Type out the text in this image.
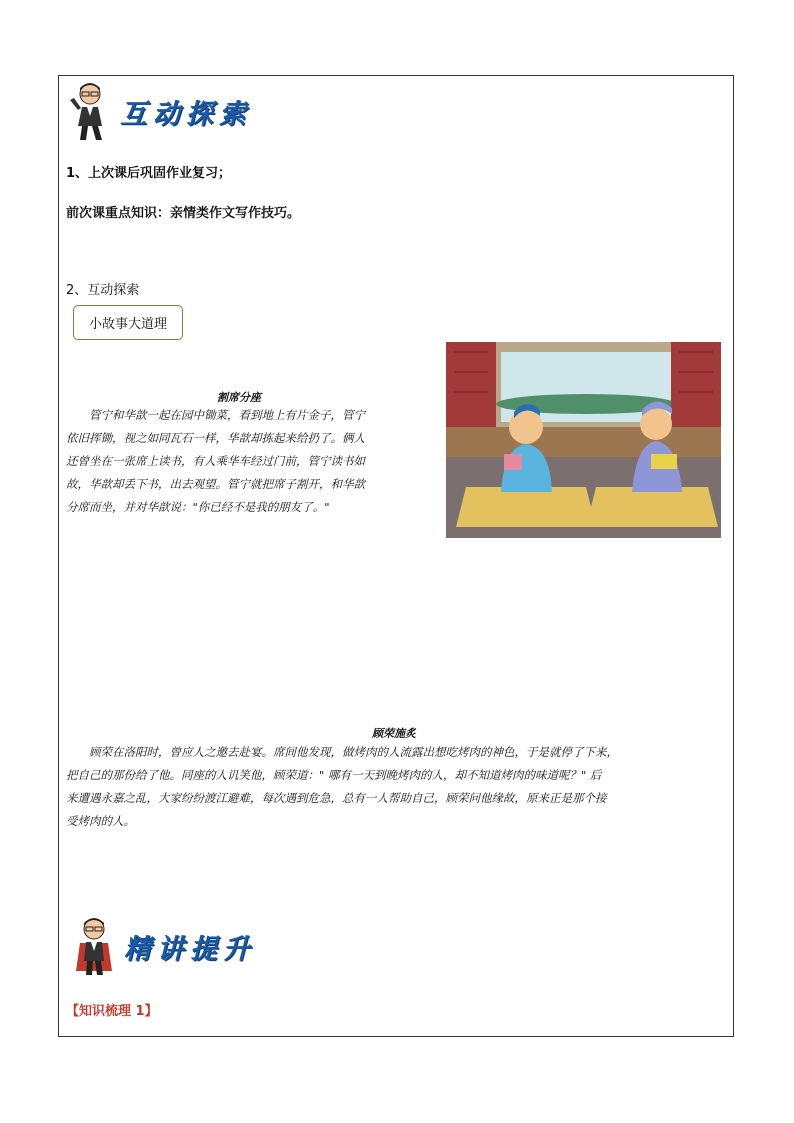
互动探索
1、上次课后巩固作业复习；
前次课重点知识：亲情类作文写作技巧。
2、互动探索
小故事大道理
割席分座
管宁和华歆一起在园中锄菜，看到地上有片金子，管宁
依旧挥锄，视之如同瓦石一样，华歆却拣起来给扔了。俩人
还曾坐在一张席上读书，有人乘华车经过门前，管宁读书如
故，华歆却丢下书，出去观望。管宁就把席子割开，和华歆
分席而坐，并对华歆说："你已经不是我的朋友了。"
顾荣施炙
顾荣在洛阳时，曾应人之邀去赴宴。席间他发现，做烤肉的人流露出想吃烤肉的神色，于是就停了下来，
把自己的那份给了他。同座的人讥笑他，顾荣道：" 哪有一天到晚烤肉的人，却不知道烤肉的味道呢？" 后
来遭遇永嘉之乱，大家纷纷渡江避难，每次遇到危急，总有一人帮助自己，顾荣问他缘故，原来正是那个接
受烤肉的人。
精讲提升
【知识梳理 1】
